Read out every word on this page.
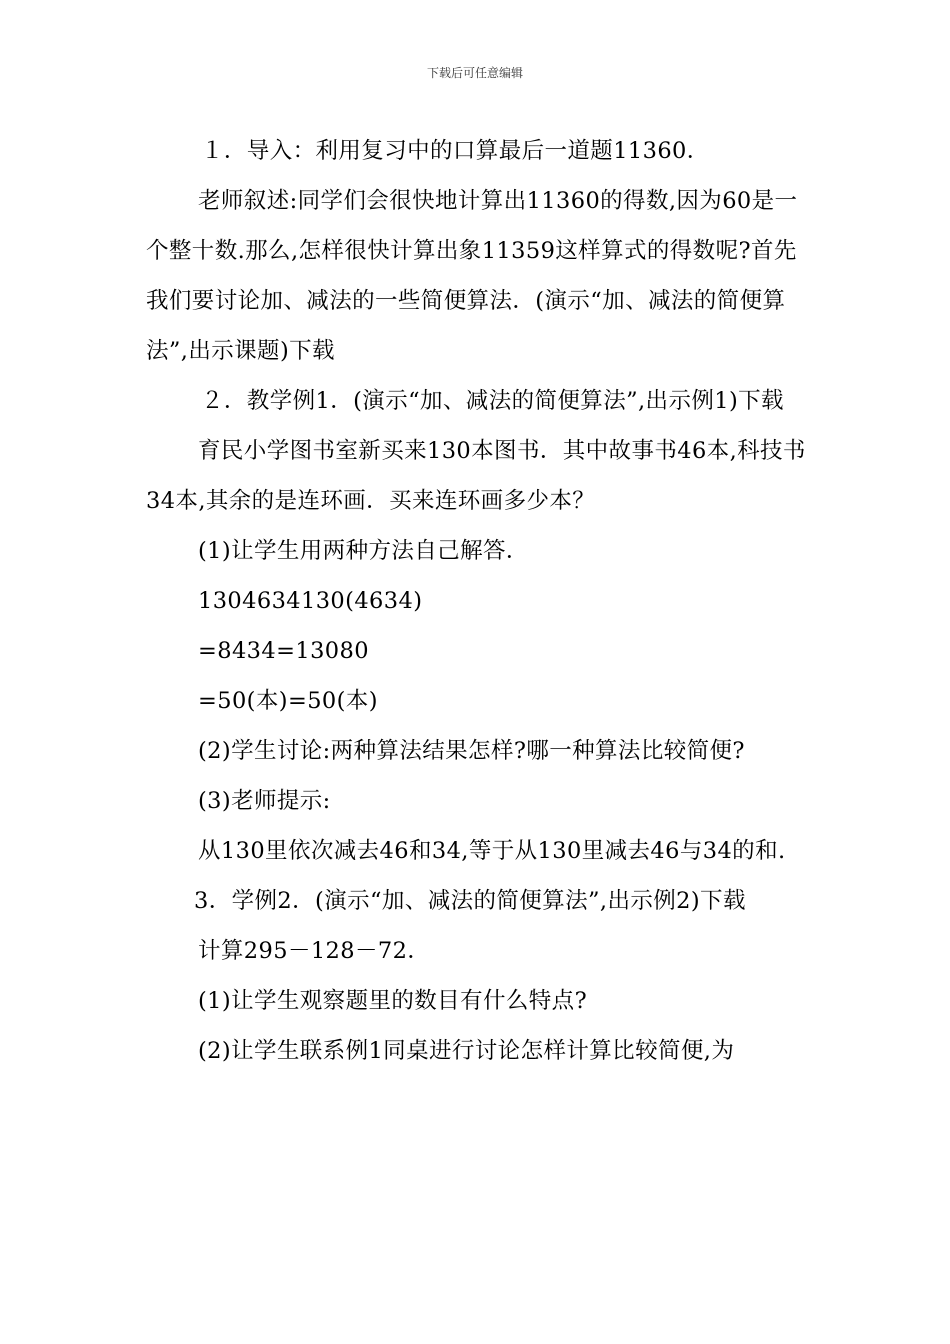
下载后可任意编辑

１．导入：利用复习中的口算最后一道题11360．

老师叙述:同学们会很快地计算出11360的得数,因为60是一个整十数.那么,怎样很快计算出象11359这样算式的得数呢?首先我们要讨论加、减法的一些简便算法．(演示“加、减法的简便算法”,出示课题)下载

２．教学例1．(演示“加、减法的简便算法”,出示例1)下载

育民小学图书室新买来130本图书．其中故事书46本,科技书34本,其余的是连环画．买来连环画多少本？

(1)让学生用两种方法自己解答．

1304634130(4634)

=8434=13080

=50(本)=50(本)

(2)学生讨论:两种算法结果怎样?哪一种算法比较简便?

(3)老师提示:

从130里依次减去46和34,等于从130里减去46与34的和.

3．学例2．(演示“加、减法的简便算法”,出示例2)下载

计算295－128－72．

(1)让学生观察题里的数目有什么特点?

(2)让学生联系例1同桌进行讨论怎样计算比较简便,为
